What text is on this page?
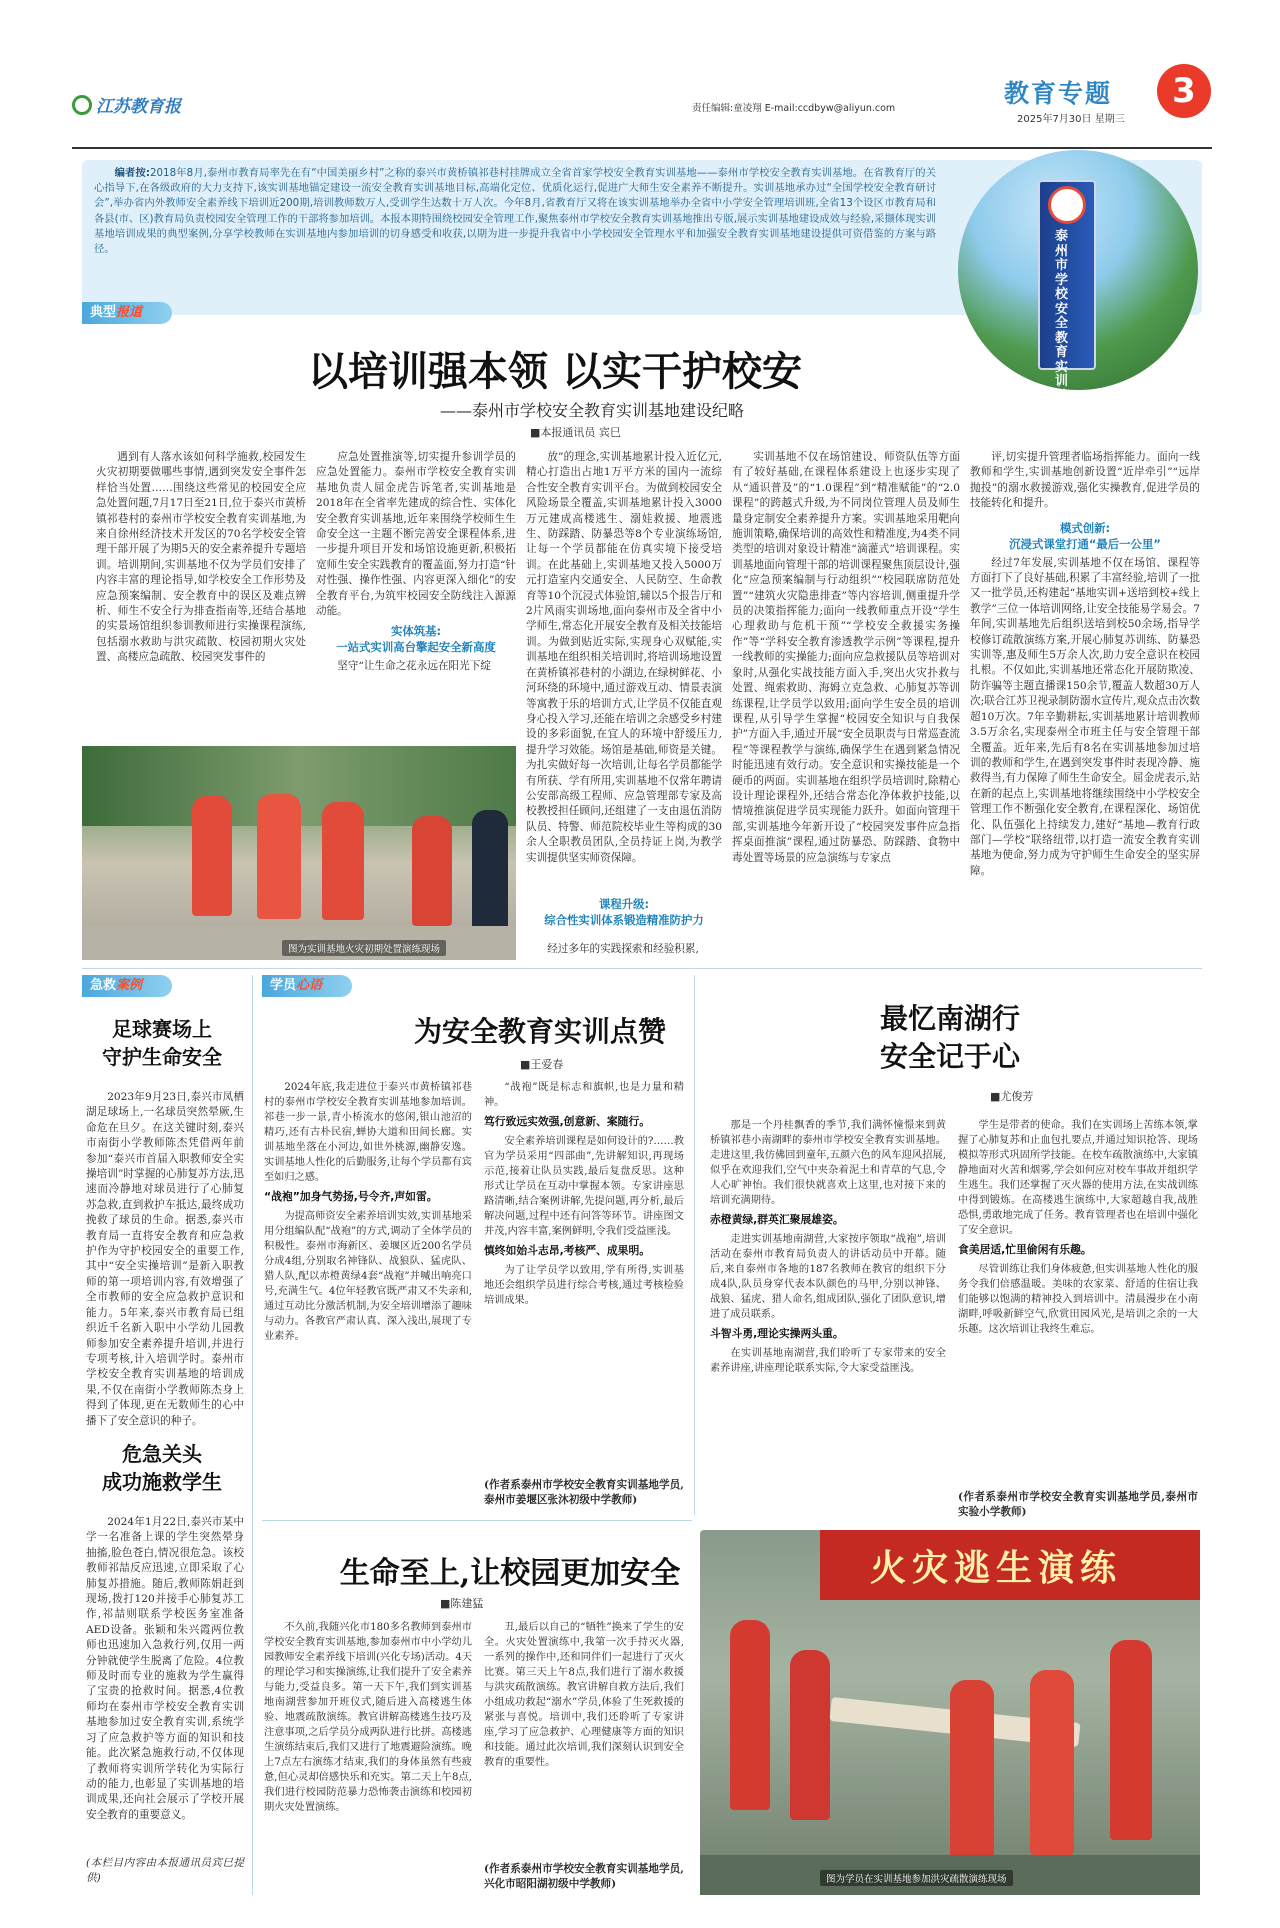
江苏教育报	责任编辑:童凌翔 E-mail:ccdbyw@aliyun.com
教育专题
2025年7月30日 星期三
3
编者按:2018年8月,泰州市教育局率先在有“中国美丽乡村”之称的泰兴市黄桥镇祁巷村挂牌成立全省首家学校安全教育实训基地——泰州市学校安全教育实训基地。在省教育厅的关心指导下,在各级政府的大力支持下,该实训基地锚定建设一流安全教育实训基地目标,高端化定位、优质化运行,促进广大师生安全素养不断提升。实训基地承办过“全国学校安全教育研讨会”,举办省内外教师安全素养线下培训近200期,培训教师数万人,受训学生达数十万人次。今年8月,省教育厅又将在该实训基地举办全省中小学安全管理培训班,全省13个设区市教育局和各县(市、区)教育局负责校园安全管理工作的干部将参加培训。本报本期特围绕校园安全管理工作,聚焦泰州市学校安全教育实训基地推出专版,展示实训基地建设成效与经验,采撷体现实训基地培训成果的典型案例,分享学校教师在实训基地内参加培训的切身感受和收获,以期为进一步提升我省中小学校园安全管理水平和加强安全教育实训基地建设提供可资借鉴的方案与路径。
泰州市学校安全教育实训基地
典型报道
以培训强本领 以实干护校安
——泰州市学校安全教育实训基地建设纪略
■本报通讯员 宾巳

遇到有人落水该如何科学施救,校园发生火灾初期要做哪些事情,遇到突发安全事件怎样恰当处置……围绕这些常见的校园安全应急处置问题,7月17日至21日,位于泰兴市黄桥镇祁巷村的泰州市学校安全教育实训基地,为来自徐州经济技术开发区的70名学校安全管理干部开展了为期5天的安全素养提升专题培训。培训期间,实训基地不仅为学员们安排了内容丰富的理论指导,如学校安全工作形势及应急预案编制、安全教育中的误区及难点辨析、师生不安全行为排查指南等,还结合基地的实景场馆组织参训教师进行实操课程演练,包括溺水救助与洪灾疏散、校园初期火灾处置、高楼应急疏散、校园突发事件的

应急处置推演等,切实提升参训学员的应急处置能力。泰州市学校安全教育实训基地负责人屈金虎告诉笔者,实训基地是2018年在全省率先建成的综合性、实体化安全教育实训基地,近年来围绕学校师生生命安全这一主题不断完善安全课程体系,进一步提升项目开发和场馆设施更新,积极拓宽师生安全实践教育的覆盖面,努力打造“针对性强、操作性强、内容更深入细化”的安全教育平台,为筑牢校园安全防线注入源源动能。

实体筑基:
一站式实训高台擎起安全新高度

坚守“让生命之花永远在阳光下绽

放”的理念,实训基地累计投入近亿元,精心打造出占地1万平方米的国内一流综合性安全教育实训平台。为做到校园安全风险场景全覆盖,实训基地累计投入3000万元建成高楼逃生、溺娃救援、地震逃生、防踩踏、防暴恐等8个专业演练场馆,让每一个学员都能在仿真实境下接受培训。在此基础上,实训基地又投入5000万元打造室内交通安全、人民防空、生命教育等10个沉浸式体验馆,辅以5个报告厅和2片风雨实训场地,面向泰州市及全省中小学师生,常态化开展安全教育及相关技能培训。为做到贴近实际,实现身心双赋能,实训基地在组织相关培训时,将培训场地设置在黄桥镇祁巷村的小湖边,在绿树鲜花、小河环绕的环境中,通过游戏互动、情景表演等寓教于乐的培训方式,让学员不仅能直观身心投入学习,还能在培训之余感受乡村建设的多彩面貌,在宜人的环境中舒缓压力,提升学习效能。场馆是基础,师资是关键。为扎实做好每一次培训,让每名学员都能学有所获、学有所用,实训基地不仅常年聘请公安部高级工程师、应急管理部专家及高校教授担任顾问,还组建了一支由退伍消防队员、特警、师范院校毕业生等构成的30余人全职教员团队,全员持证上岗,为教学实训提供坚实师资保障。

课程升级:
综合性实训体系锻造精准防护力

经过多年的实践探索和经验积累,

实训基地不仅在场馆建设、师资队伍等方面有了较好基础,在课程体系建设上也逐步实现了从“通识普及”的“1.0课程”到“精准赋能”的“2.0课程”的跨越式升级,为不同岗位管理人员及师生量身定制安全素养提升方案。实训基地采用靶向施训策略,确保培训的高效性和精准度,为4类不同类型的培训对象设计精准“滴灌式”培训课程。实训基地面向管理干部的培训课程聚焦顶层设计,强化“应急预案编制与行动组织”“校园联席防范处置”“建筑火灾隐患排查”等内容培训,侧重提升学员的决策指挥能力;面向一线教师重点开设“学生心理救助与危机干预”“学校安全救援实务操作”等“学科安全教育渗透教学示例”等课程,提升一线教师的实操能力;面向应急救援队员等培训对象时,从强化实战技能方面入手,突出火灾扑救与处置、绳索救助、海姆立克急救、心肺复苏等训练课程,让学员学以致用;面向学生安全员的培训课程,从引导学生掌握“校园安全知识与自我保护”方面入手,通过开展“安全员职责与日常巡查流程”等课程教学与演练,确保学生在遇到紧急情况时能迅速有效行动。安全意识和实操技能是一个硬币的两面。实训基地在组织学员培训时,除精心设计理论课程外,还结合常态化净体救护技能,以情境推演促进学员实现能力跃升。如面向管理干部,实训基地今年新开设了“校园突发事件应急指挥桌面推演”课程,通过防暴恐、防踩踏、食物中毒处置等场景的应急演练与专家点

评,切实提升管理者临场指挥能力。面向一线教师和学生,实训基地创新设置“近岸牵引”“远岸抛投”的溺水救援游戏,强化实操教育,促进学员的技能转化和提升。

模式创新:
沉浸式课堂打通“最后一公里”

经过7年发展,实训基地不仅在场馆、课程等方面打下了良好基础,积累了丰富经验,培训了一批又一批学员,还构建起“基地实训+送培到校+线上教学”三位一体培训网络,让安全技能易学易会。7年间,实训基地先后组织送培到校50余场,指导学校修订疏散演练方案,开展心肺复苏训练、防暴恐实训等,惠及师生5万余人次,助力安全意识在校园扎根。不仅如此,实训基地还常态化开展防欺凌、防诈骗等主题直播课150余节,覆盖人数超30万人次;联合江苏卫视录制防溺水宣传片,观众点击次数超10万次。7年辛勤耕耘,实训基地累计培训教师3.5万余名,实现泰州全市班主任与安全管理干部全覆盖。近年来,先后有8名在实训基地参加过培训的教师和学生,在遇到突发事件时表现冷静、施救得当,有力保障了师生生命安全。屈金虎表示,站在新的起点上,实训基地将继续围绕中小学校安全管理工作不断强化安全教育,在课程深化、场馆优化、队伍强化上持续发力,建好“基地—教育行政部门—学校”联络纽带,以打造一流安全教育实训基地为使命,努力成为守护师生生命安全的坚实屏障。

图为实训基地火灾初期处置演练现场
急救案例
足球赛场上
守护生命安全

2023年9月23日,泰兴市凤栖湖足球场上,一名球员突然晕厥,生命危在旦夕。在这关键时刻,泰兴市南街小学教师陈杰凭借两年前参加“泰兴市首届入职教师安全实操培训”时掌握的心肺复苏方法,迅速而冷静地对球员进行了心肺复苏急救,直到救护车抵达,最终成功挽救了球员的生命。据悉,泰兴市教育局一直将安全教育和应急救护作为守护校园安全的重要工作,其中“安全实操培训”是新入职教师的第一项培训内容,有效增强了全市教师的安全应急救护意识和能力。5年来,泰兴市教育局已组织近千名新入职中小学幼儿园教师参加安全素养提升培训,并进行专项考核,计入培训学时。泰州市学校安全教育实训基地的培训成果,不仅在南街小学教师陈杰身上得到了体现,更在无数师生的心中播下了安全意识的种子。

危急关头
成功施救学生

2024年1月22日,泰兴市某中学一名准备上课的学生突然晕身抽搐,脸色苍白,情况很危急。该校教师祁喆反应迅速,立即采取了心肺复苏措施。随后,教师陈娟赶到现场,拨打120并接手心肺复苏工作,祁喆则联系学校医务室准备AED设备。张颖和朱兴霞两位教师也迅速加入急救行列,仅用一两分钟就使学生脱离了危险。4位教师及时而专业的施救为学生赢得了宝贵的抢救时间。据悉,4位教师均在泰州市学校安全教育实训基地参加过安全教育实训,系统学习了应急救护等方面的知识和技能。此次紧急施救行动,不仅体现了教师将实训所学转化为实际行动的能力,也彰显了实训基地的培训成果,还向社会展示了学校开展安全教育的重要意义。

(本栏目内容由本报通讯员宾巳提供)
学员心语
为安全教育实训点赞
■王爱春

2024年底,我走进位于泰兴市黄桥镇祁巷村的泰州市学校安全教育实训基地参加培训。祁巷一步一景,青小桥流水的悠闲,银山池沼的精巧,还有古朴民宿,蝉协大道和田间长廊。实训基地坐落在小河边,如世外桃源,幽静安逸。实训基地人性化的后勤服务,让每个学员都有宾至如归之感。

“战袍”加身气势扬,号令齐,声如雷。

为提高师资安全素养培训实效,实训基地采用分组编队配“战袍”的方式,调动了全体学员的积极性。泰州市海新区、姜堰区近200名学员分成4组,分别取名神锋队、战狼队、猛虎队、猎人队,配以赤橙黄绿4套“战袍”并喊出响亮口号,充满生气。4位年轻教官既严肃又不失亲和,通过互动比分激活机制,为安全培训增添了趣味与动力。各教官严肃认真、深入浅出,展现了专业素养。

“战袍”既是标志和旗帜,也是力量和精神。

笃行致远实效强,创意新、案随行。

安全素养培训课程是如何设计的?……教官为学员采用“四部曲”,先讲解知识,再现场示范,接着让队员实践,最后复盘反思。这种形式让学员在互动中掌握本领。专家讲座思路清晰,结合案例讲解,先提问题,再分析,最后解决问题,过程中还有问答等环节。讲座图文并茂,内容丰富,案例鲜明,令我们受益匪浅。

慎终如始斗志昂,考核严、成果明。

为了让学员学以致用,学有所得,实训基地还会组织学员进行综合考核,通过考核检验培训成果。

(作者系泰州市学校安全教育实训基地学员,泰州市姜堰区张沐初级中学教师)
生命至上,让校园更加安全
■陈建猛

不久前,我随兴化市180多名教师到泰州市学校安全教育实训基地,参加泰州市中小学幼儿园教师安全素养线下培训(兴化专场)活动。4天的理论学习和实操演练,让我们提升了安全素养与能力,受益良多。第一天下午,我们到实训基地南湖营参加开班仪式,随后进入高楼逃生体验、地震疏散演练。教官讲解高楼逃生技巧及注意事项,之后学员分成两队进行比拼。高楼逃生演练结束后,我们又进行了地震避险演练。晚上7点左右演练才结束,我们的身体虽然有些疲惫,但心灵却倍感快乐和充实。第二天上午8点,我们进行校园防范暴力恐怖袭击演练和校园初期火灾处置演练。

丑,最后以自己的“牺牲”换来了学生的安全。火灾处置演练中,我第一次手持灭火器,一系列的操作中,还和同伴们一起进行了灭火比赛。第三天上午8点,我们进行了溺水救援与洪灾疏散演练。教官讲解自救方法后,我们小组成功救起“溺水”学员,体验了生死救援的紧张与喜悦。培训中,我们还聆听了专家讲座,学习了应急救护、心理健康等方面的知识和技能。通过此次培训,我们深刻认识到安全教育的重要性。

(作者系泰州市学校安全教育实训基地学员,兴化市昭阳湖初级中学教师)
最忆南湖行
安全记于心
■尤俊芳

那是一个丹桂飘香的季节,我们满怀憧憬来到黄桥镇祁巷小南湖畔的泰州市学校安全教育实训基地。走进这里,我仿佛回到童年,五颜六色的风车迎风招展,似乎在欢迎我们,空气中夹杂着泥土和青草的气息,令人心旷神怡。我们很快就喜欢上这里,也对接下来的培训充满期待。

赤橙黄绿,群英汇聚展雄姿。

走进实训基地南湖营,大家按序领取“战袍”,培训活动在泰州市教育局负责人的讲话动员中开幕。随后,来自泰州市各地的187名教师在教官的组织下分成4队,队员身穿代表本队颜色的马甲,分别以神锋、战狼、猛虎、猎人命名,组成团队,强化了团队意识,增进了成员联系。

斗智斗勇,理论实操两头重。

在实训基地南湖营,我们聆听了专家带来的安全素养讲座,讲座理论联系实际,令大家受益匪浅。

学生是带者的使命。我们在实训场上苦练本领,掌握了心肺复苏和止血包扎要点,并通过知识抢答、现场模拟等形式巩固所学技能。在校车疏散演练中,大家镇静地面对火苦和烟雾,学会如何应对校车事故并组织学生逃生。我们还掌握了灭火器的使用方法,在实战训练中得到锻炼。在高楼逃生演练中,大家超越自我,战胜恐惧,勇敢地完成了任务。教育管理者也在培训中强化了安全意识。

食美居适,忙里偷闲有乐趣。

尽管训练让我们身体疲惫,但实训基地人性化的服务令我们倍感温暖。美味的农家菜、舒适的住宿让我们能够以饱满的精神投入到培训中。清晨漫步在小南湖畔,呼吸新鲜空气,欣赏田园风光,是培训之余的一大乐趣。这次培训让我终生难忘。

(作者系泰州市学校安全教育实训基地学员,泰州市实验小学教师)
火灾逃生演练
图为学员在实训基地参加洪灾疏散演练现场
